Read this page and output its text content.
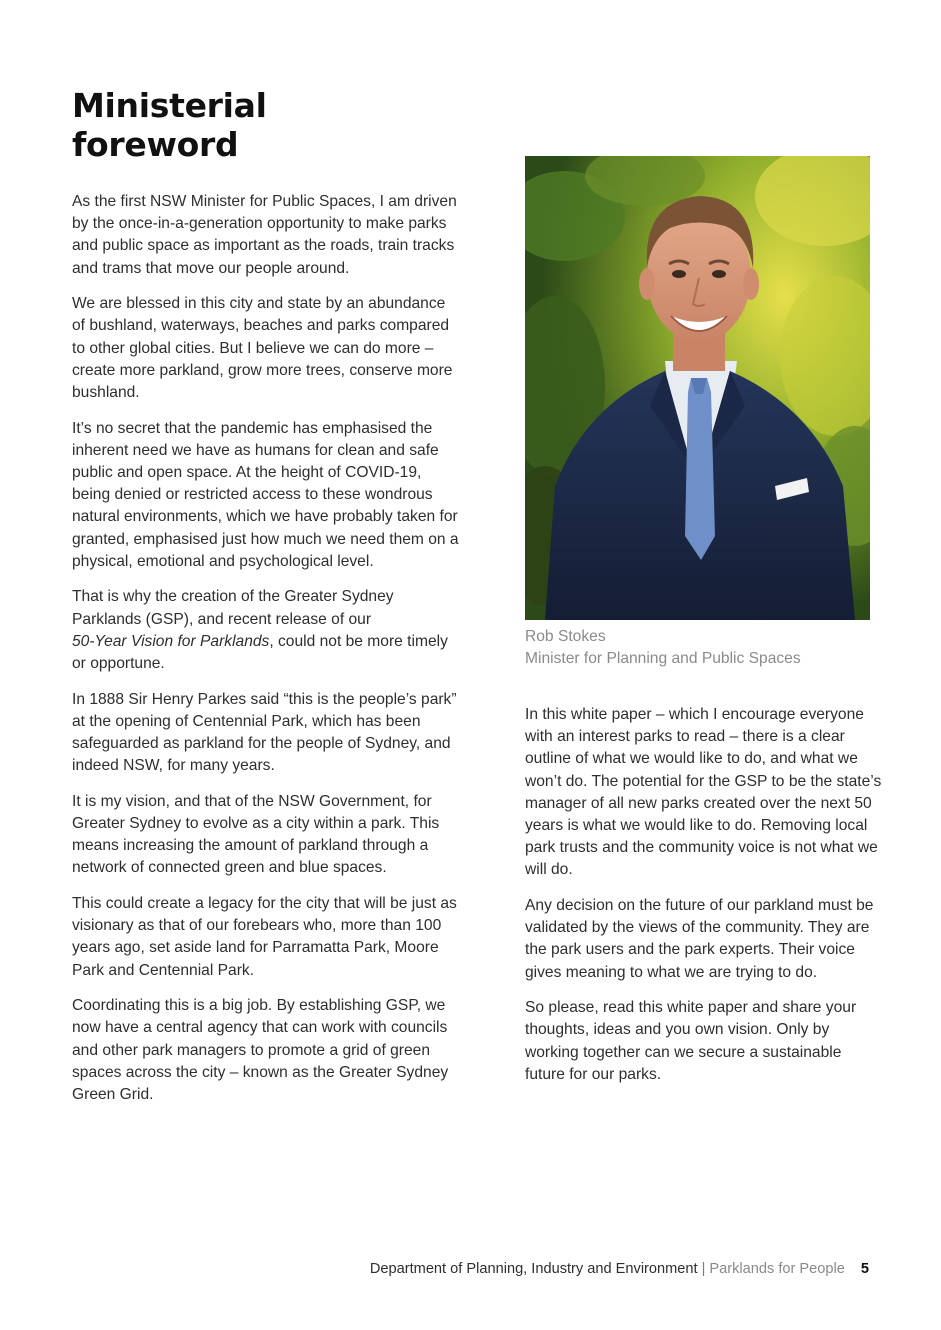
Ministerial
foreword

As the first NSW Minister for Public Spaces, I am driven by the once-in-a-generation opportunity to make parks and public space as important as the roads, train tracks and trams that move our people around.

We are blessed in this city and state by an abundance of bushland, waterways, beaches and parks compared to other global cities. But I believe we can do more – create more parkland, grow more trees, conserve more bushland.

It’s no secret that the pandemic has emphasised the inherent need we have as humans for clean and safe public and open space. At the height of COVID-19, being denied or restricted access to these wondrous natural environments, which we have probably taken for granted, emphasised just how much we need them on a physical, emotional and psychological level.

That is why the creation of the Greater Sydney Parklands (GSP), and recent release of our
50-Year Vision for Parklands, could not be more timely or opportune.

In 1888 Sir Henry Parkes said “this is the people’s park” at the opening of Centennial Park, which has been safeguarded as parkland for the people of Sydney, and indeed NSW, for many years.

It is my vision, and that of the NSW Government, for Greater Sydney to evolve as a city within a park. This means increasing the amount of parkland through a network of connected green and blue spaces.

This could create a legacy for the city that will be just as visionary as that of our forebears who, more than 100 years ago, set aside land for Parramatta Park, Moore Park and Centennial Park.

Coordinating this is a big job. By establishing GSP, we now have a central agency that can work with councils and other park managers to promote a grid of green spaces across the city – known as the Greater Sydney Green Grid.

Rob Stokes
Minister for Planning and Public Spaces

In this white paper – which I encourage everyone with an interest parks to read – there is a clear outline of what we would like to do, and what we won’t do. The potential for the GSP to be the state’s manager of all new parks created over the next 50 years is what we would like to do. Removing local park trusts and the community voice is not what we will do.

Any decision on the future of our parkland must be validated by the views of the community. They are the park users and the park experts. Their voice gives meaning to what we are trying to do.

So please, read this white paper and share your thoughts, ideas and you own vision. Only by working together can we secure a sustainable future for our parks.

Department of Planning, Industry and Environment | Parklands for People 5
